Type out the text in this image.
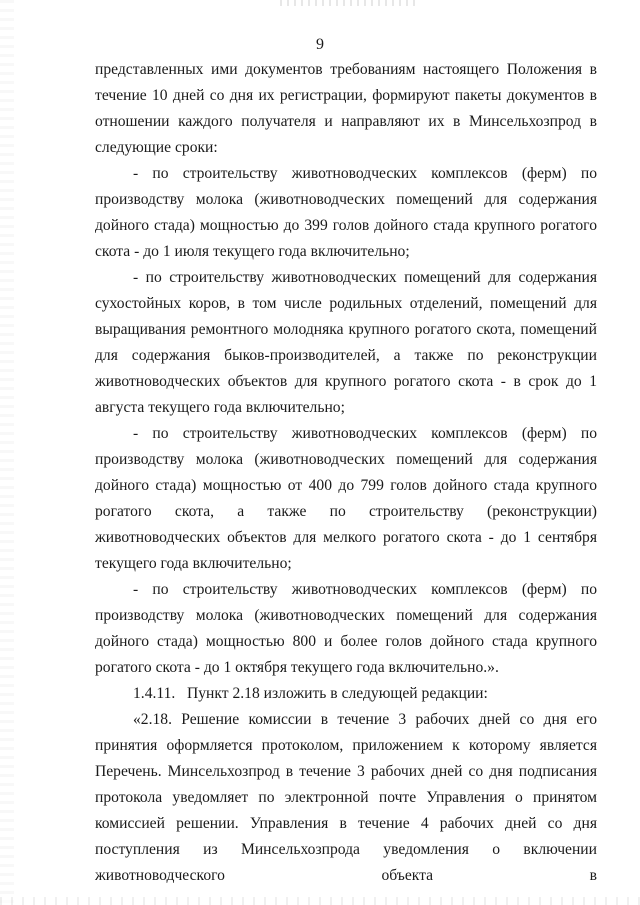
9

представленных ими документов требованиям настоящего Положения в течение 10 дней со дня их регистрации, формируют пакеты документов в отношении каждого получателя и направляют их в Минсельхозпрод в следующие сроки:

- по строительству животноводческих комплексов (ферм) по производству молока (животноводческих помещений для содержания дойного стада) мощностью до 399 голов дойного стада крупного рогатого скота - до 1 июля текущего года включительно;

- по строительству животноводческих помещений для содержания сухостойных коров, в том числе родильных отделений, помещений для выращивания ремонтного молодняка крупного рогатого скота, помещений для содержания быков-производителей, а также по реконструкции животноводческих объектов для крупного рогатого скота - в срок до 1 августа текущего года включительно;

- по строительству животноводческих комплексов (ферм) по производству молока (животноводческих помещений для содержания дойного стада) мощностью от 400 до 799 голов дойного стада крупного рогатого скота, а также по строительству (реконструкции) животноводческих объектов для мелкого рогатого скота - до 1 сентября текущего года включительно;

- по строительству животноводческих комплексов (ферм) по производству молока (животноводческих помещений для содержания дойного стада) мощностью 800 и более голов дойного стада крупного рогатого скота - до 1 октября текущего года включительно.».

1.4.11.   Пункт 2.18 изложить в следующей редакции:

«2.18. Решение комиссии в течение 3 рабочих дней со дня его принятия оформляется протоколом, приложением к которому является Перечень. Минсельхозпрод в течение 3 рабочих дней со дня подписания протокола уведомляет по электронной почте Управления о принятом комиссией решении. Управления в течение 4 рабочих дней со дня поступления из Минсельхозпрода уведомления о включении животноводческого объекта в
